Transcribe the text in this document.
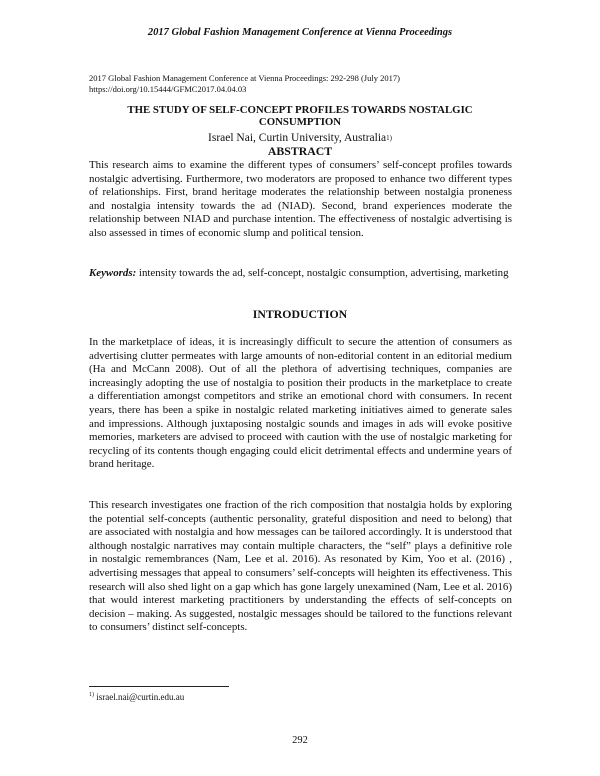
2017 Global Fashion Management Conference at Vienna Proceedings
2017 Global Fashion Management Conference at Vienna Proceedings: 292-298 (July 2017)
https://doi.org/10.15444/GFMC2017.04.04.03
THE STUDY OF SELF-CONCEPT PROFILES TOWARDS NOSTALGIC
CONSUMPTION
Israel Nai, Curtin University, Australia$^{1)}$
ABSTRACT

This research aims to examine the different types of consumers’ self-concept profiles towards nostalgic advertising. Furthermore, two moderators are proposed to enhance two different types of relationships. First, brand heritage moderates the relationship between nostalgia proneness and nostalgia intensity towards the ad (NIAD). Second, brand experiences moderate the relationship between NIAD and purchase intention. The effectiveness of nostalgic advertising is also assessed in times of economic slump and political tension.

Keywords: intensity towards the ad, self-concept, nostalgic consumption, advertising, marketing

INTRODUCTION

In the marketplace of ideas, it is increasingly difficult to secure the attention of consumers as advertising clutter permeates with large amounts of non-editorial content in an editorial medium (Ha and McCann 2008). Out of all the plethora of advertising techniques, companies are increasingly adopting the use of nostalgia to position their products in the marketplace to create a differentiation amongst competitors and strike an emotional chord with consumers. In recent years, there has been a spike in nostalgic related marketing initiatives aimed to generate sales and impressions. Although juxtaposing nostalgic sounds and images in ads will evoke positive memories, marketers are advised to proceed with caution with the use of nostalgic marketing for recycling of its contents though engaging could elicit detrimental effects and undermine years of brand heritage.

This research investigates one fraction of the rich composition that nostalgia holds by exploring the potential self-concepts (authentic personality, grateful disposition and need to belong) that are associated with nostalgia and how messages can be tailored accordingly. It is understood that although nostalgic narratives may contain multiple characters, the “self” plays a definitive role in nostalgic remembrances (Nam, Lee et al. 2016). As resonated by Kim, Yoo et al. (2016) , advertising messages that appeal to consumers’ self-concepts will heighten its effectiveness. This research will also shed light on a gap which has gone largely unexamined (Nam, Lee et al. 2016) that would interest marketing practitioners by understanding the effects of self-concepts on decision – making. As suggested, nostalgic messages should be tailored to the functions relevant to consumers’ distinct self-concepts.

$^{1)}$ israel.nai@curtin.edu.au
292
